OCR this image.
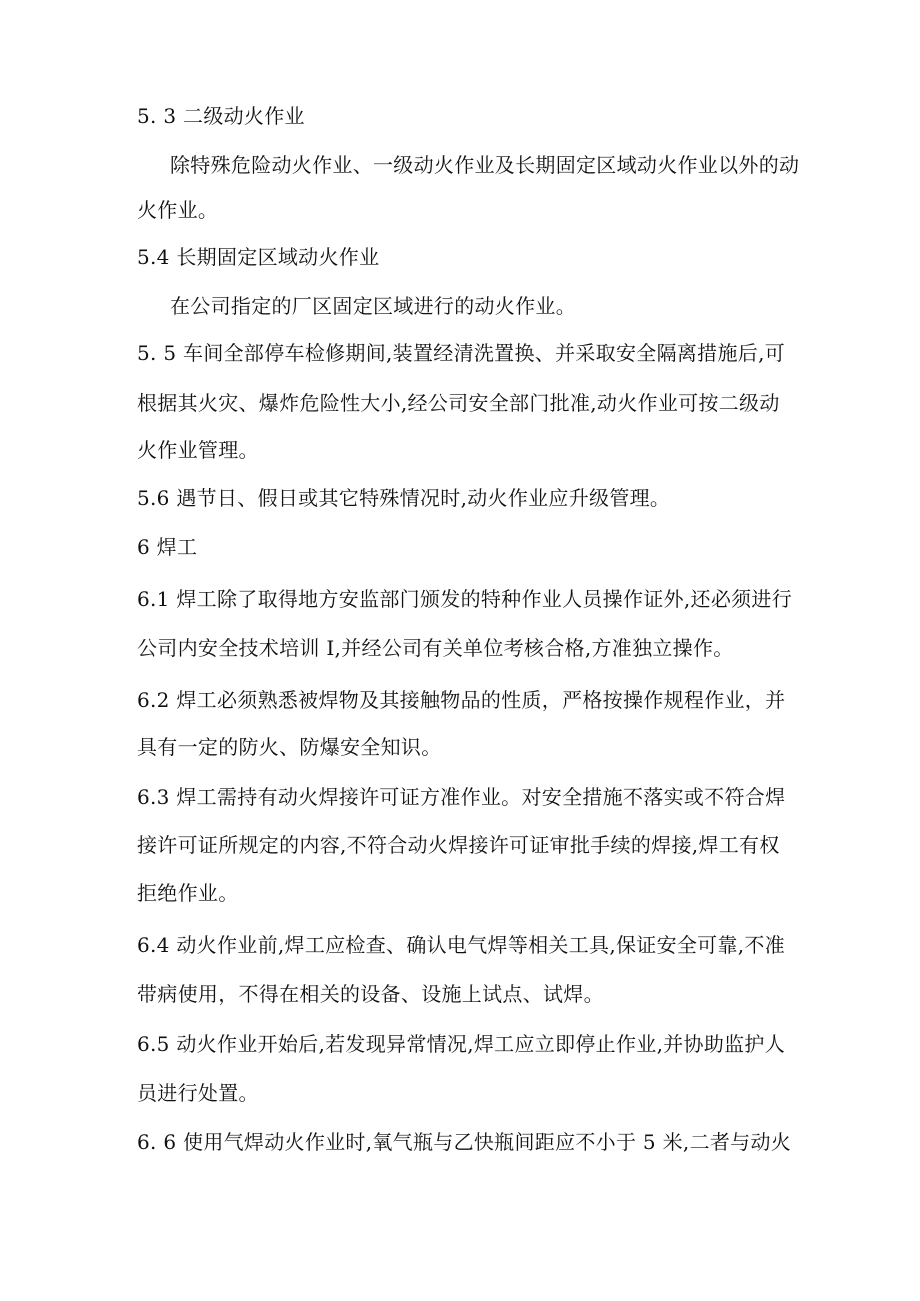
5. 3 二级动火作业
除特殊危险动火作业、一级动火作业及长期固定区域动火作业以外的动
火作业。
5.4 长期固定区域动火作业
在公司指定的厂区固定区域进行的动火作业。
5. 5 车间全部停车检修期间,装置经清洗置换、并采取安全隔离措施后,可
根据其火灾、爆炸危险性大小,经公司安全部门批准,动火作业可按二级动
火作业管理。
5.6 遇节日、假日或其它特殊情况时,动火作业应升级管理。
6 焊工
6.1 焊工除了取得地方安监部门颁发的特种作业人员操作证外,还必须进行
公司内安全技术培训 I,并经公司有关单位考核合格,方准独立操作。
6.2 焊工必须熟悉被焊物及其接触物品的性质，严格按操作规程作业，并
具有一定的防火、防爆安全知识。
6.3 焊工需持有动火焊接许可证方准作业。对安全措施不落实或不符合焊
接许可证所规定的内容,不符合动火焊接许可证审批手续的焊接,焊工有权
拒绝作业。
6.4 动火作业前,焊工应检查、确认电气焊等相关工具,保证安全可靠,不准
带病使用，不得在相关的设备、设施上试点、试焊。
6.5 动火作业开始后,若发现异常情况,焊工应立即停止作业,并协助监护人
员进行处置。
6. 6 使用气焊动火作业时,氧气瓶与乙快瓶间距应不小于 5 米,二者与动火
